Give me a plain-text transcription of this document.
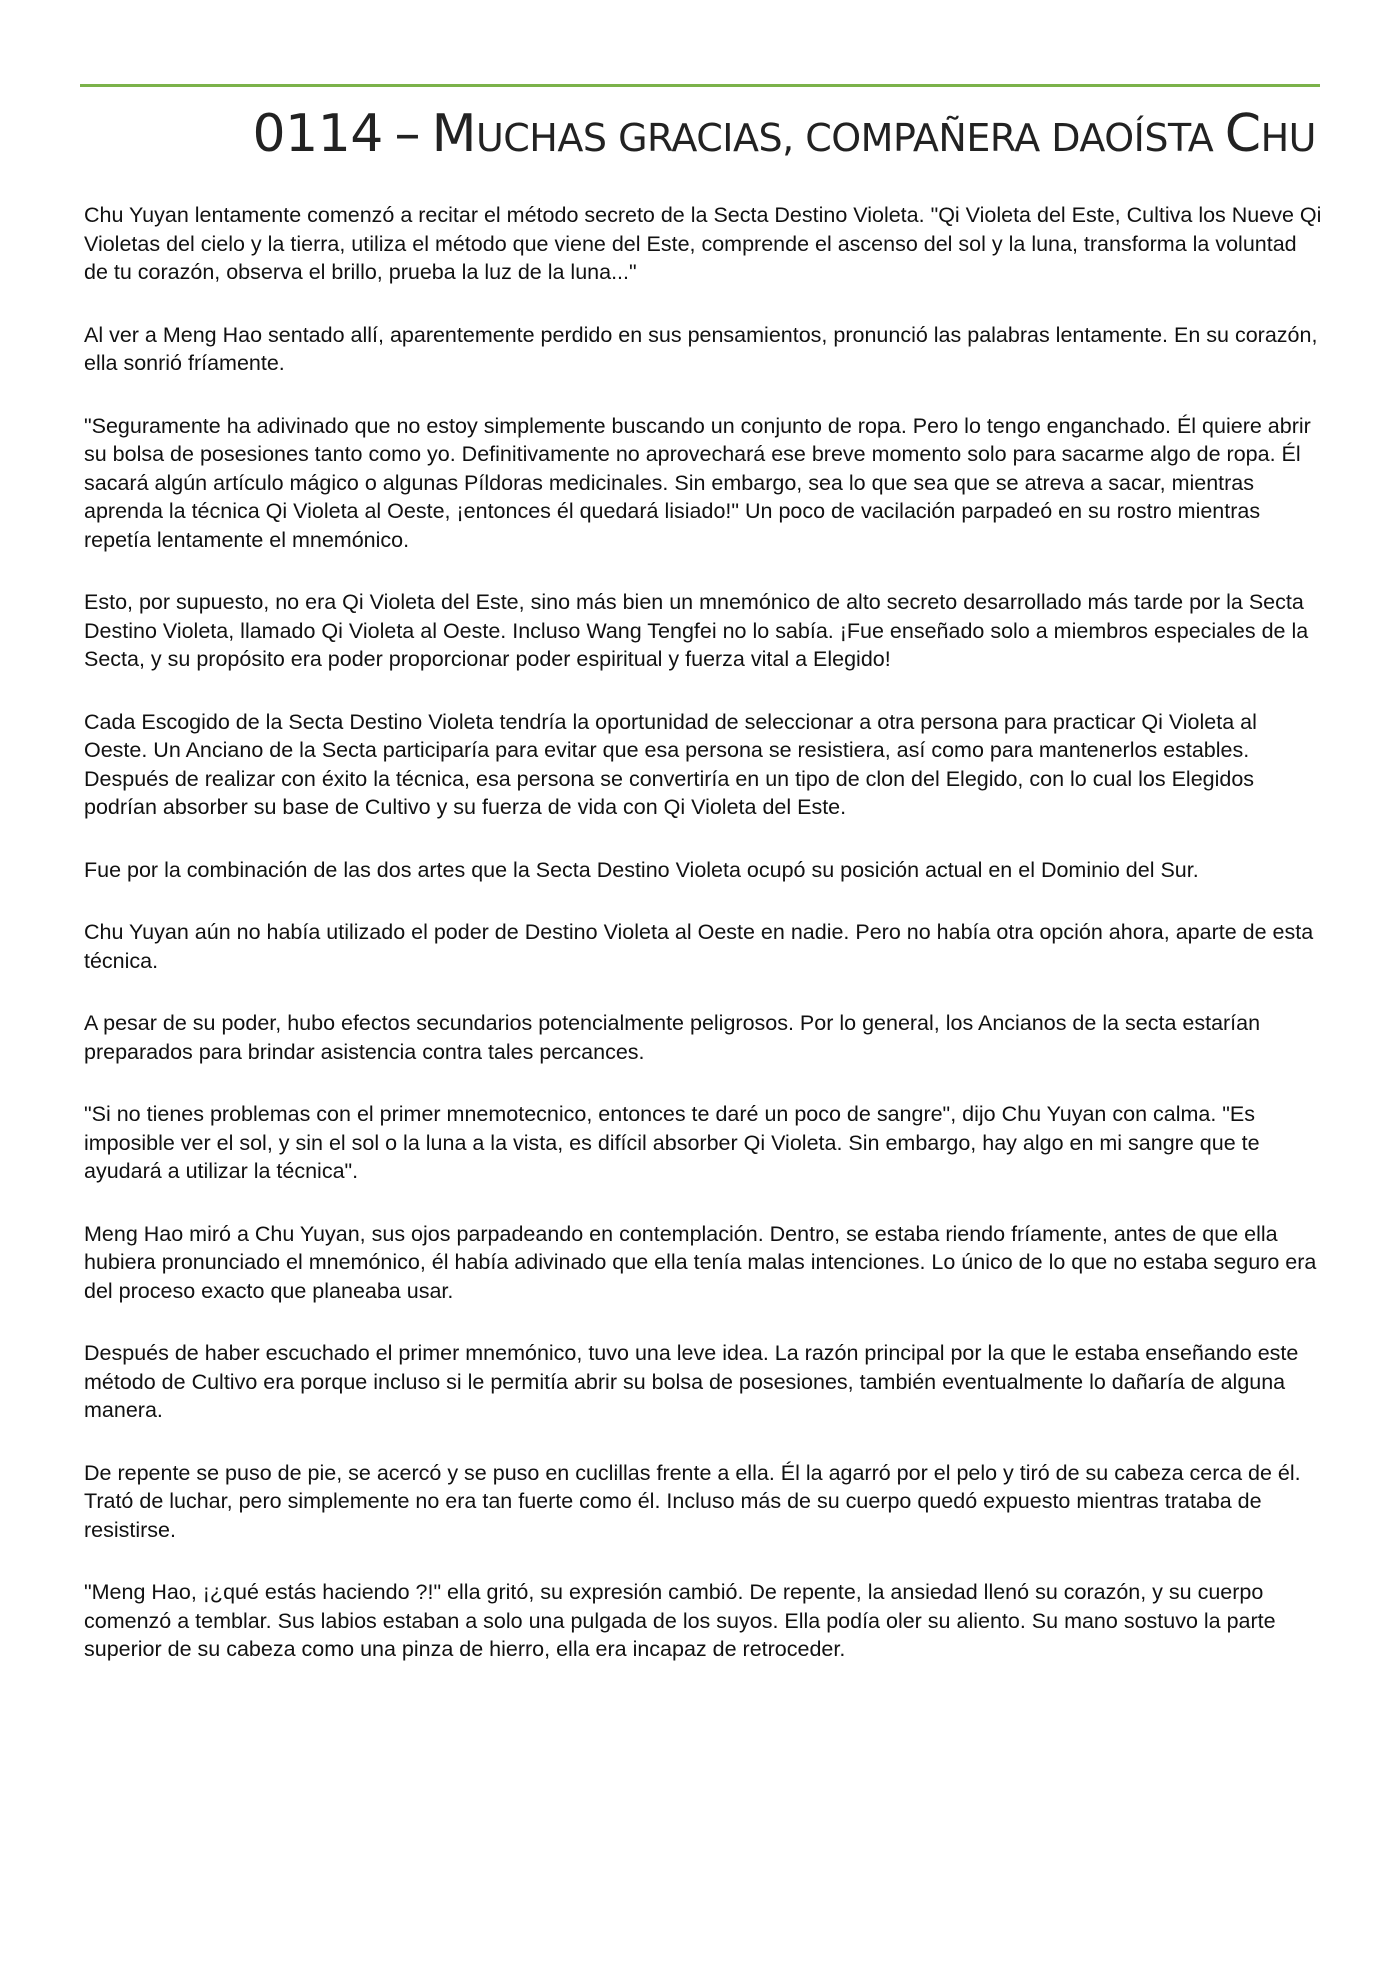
0114 – MUCHAS GRACIAS, COMPAÑERA DAOÍSTA CHU

Chu Yuyan lentamente comenzó a recitar el método secreto de la Secta Destino Violeta. "Qi Violeta del Este, Cultiva los Nueve Qi Violetas del cielo y la tierra, utiliza el método que viene del Este, comprende el ascenso del sol y la luna, transforma la voluntad de tu corazón, observa el brillo, prueba la luz de la luna..."

Al ver a Meng Hao sentado allí, aparentemente perdido en sus pensamientos, pronunció las palabras lentamente. En su corazón, ella sonrió fríamente.

"Seguramente ha adivinado que no estoy simplemente buscando un conjunto de ropa. Pero lo tengo enganchado. Él quiere abrir su bolsa de posesiones tanto como yo. Definitivamente no aprovechará ese breve momento solo para sacarme algo de ropa. Él sacará algún artículo mágico o algunas Píldoras medicinales. Sin embargo, sea lo que sea que se atreva a sacar, mientras aprenda la técnica Qi Violeta al Oeste, ¡entonces él quedará lisiado!" Un poco de vacilación parpadeó en su rostro mientras repetía lentamente el mnemónico.

Esto, por supuesto, no era Qi Violeta del Este, sino más bien un mnemónico de alto secreto desarrollado más tarde por la Secta Destino Violeta, llamado Qi Violeta al Oeste. Incluso Wang Tengfei no lo sabía. ¡Fue enseñado solo a miembros especiales de la Secta, y su propósito era poder proporcionar poder espiritual y fuerza vital a Elegido!

Cada Escogido de la Secta Destino Violeta tendría la oportunidad de seleccionar a otra persona para practicar Qi Violeta al Oeste. Un Anciano de la Secta participaría para evitar que esa persona se resistiera, así como para mantenerlos estables. Después de realizar con éxito la técnica, esa persona se convertiría en un tipo de clon del Elegido, con lo cual los Elegidos podrían absorber su base de Cultivo y su fuerza de vida con Qi Violeta del Este.

Fue por la combinación de las dos artes que la Secta Destino Violeta ocupó su posición actual en el Dominio del Sur.

Chu Yuyan aún no había utilizado el poder de Destino Violeta al Oeste en nadie. Pero no había otra opción ahora, aparte de esta técnica.

A pesar de su poder, hubo efectos secundarios potencialmente peligrosos. Por lo general, los Ancianos de la secta estarían preparados para brindar asistencia contra tales percances.

"Si no tienes problemas con el primer mnemotecnico, entonces te daré un poco de sangre", dijo Chu Yuyan con calma. "Es imposible ver el sol, y sin el sol o la luna a la vista, es difícil absorber Qi Violeta. Sin embargo, hay algo en mi sangre que te ayudará a utilizar la técnica".

Meng Hao miró a Chu Yuyan, sus ojos parpadeando en contemplación. Dentro, se estaba riendo fríamente, antes de que ella hubiera pronunciado el mnemónico, él había adivinado que ella tenía malas intenciones. Lo único de lo que no estaba seguro era del proceso exacto que planeaba usar.

Después de haber escuchado el primer mnemónico, tuvo una leve idea. La razón principal por la que le estaba enseñando este método de Cultivo era porque incluso si le permitía abrir su bolsa de posesiones, también eventualmente lo dañaría de alguna manera.

De repente se puso de pie, se acercó y se puso en cuclillas frente a ella. Él la agarró por el pelo y tiró de su cabeza cerca de él. Trató de luchar, pero simplemente no era tan fuerte como él. Incluso más de su cuerpo quedó expuesto mientras trataba de resistirse.

"Meng Hao, ¡¿qué estás haciendo ?!" ella gritó, su expresión cambió. De repente, la ansiedad llenó su corazón, y su cuerpo comenzó a temblar. Sus labios estaban a solo una pulgada de los suyos. Ella podía oler su aliento. Su mano sostuvo la parte superior de su cabeza como una pinza de hierro, ella era incapaz de retroceder.
